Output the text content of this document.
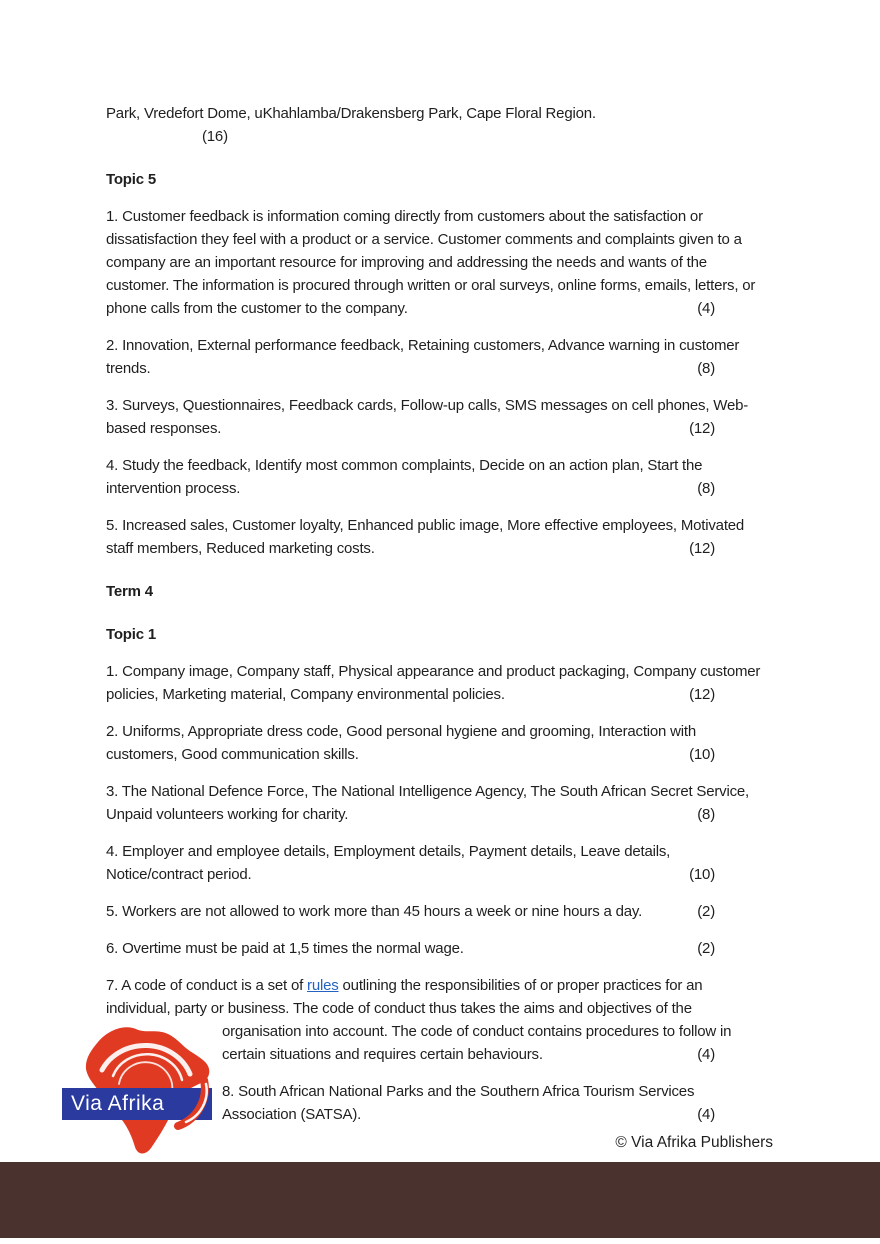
Park, Vredefort Dome, uKhahlamba/Drakensberg Park, Cape Floral Region.

(16)

Topic 5
1. Customer feedback is information coming directly from customers about the satisfaction or dissatisfaction they feel with a product or a service. Customer comments and complaints given to a company are an important resource for improving and addressing the needs and wants of the customer. The information is procured through written or oral surveys, online forms, emails, letters, or phone calls from the customer to the company.	(4)
2. Innovation, External performance feedback, Retaining customers, Advance warning in customer trends.	(8)
3. Surveys, Questionnaires, Feedback cards, Follow-up calls, SMS messages on cell phones, Web-based responses.	(12)
4. Study the feedback, Identify most common complaints, Decide on an action plan, Start the intervention process.	(8)
5. Increased sales, Customer loyalty, Enhanced public image, More effective employees, Motivated staff members, Reduced marketing costs.	(12)
Term 4
Topic 1
1. Company image, Company staff, Physical appearance and product packaging, Company customer policies, Marketing material, Company environmental policies.	(12)
2. Uniforms, Appropriate dress code, Good personal hygiene and grooming, Interaction with customers, Good communication skills.	(10)
3. The National Defence Force, The National Intelligence Agency, The South African Secret Service, Unpaid volunteers working for charity.	(8)
4. Employer and employee details, Employment details, Payment details, Leave details, Notice/contract period.	(10)
5. Workers are not allowed to work more than 45 hours a week or nine hours a day.	(2)
6. Overtime must be paid at 1,5 times the normal wage.	(2)
7. A code of conduct is a set of rules outlining the responsibilities of or proper practices for an individual, party or business. The code of conduct thus takes the aims and objectives of the
organisation into account. The code of conduct contains procedures to follow in certain situations and requires certain behaviours.	(4)
8. South African National Parks and the Southern Africa Tourism Services Association (SATSA).	(4)
Via Afrika
© Via Afrika Publishers
